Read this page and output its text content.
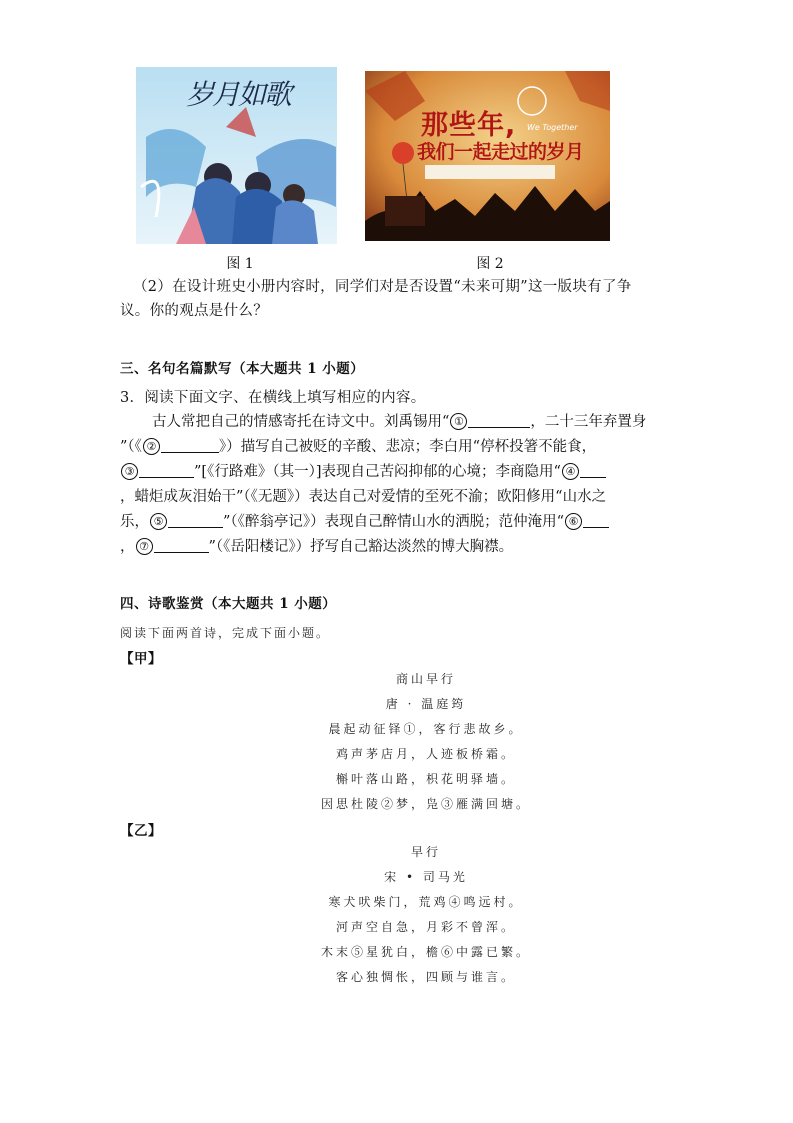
岁月如歌
那些年,
我们一起走过的岁月
We Together
图 1	图 2
（2）在设计班史小册内容时，同学们对是否设置“未来可期”这一版块有了争
议。你的观点是什么？
三、名句名篇默写（本大题共 1 小题）
3．阅读下面文字、在横线上填写相应的内容。
古人常把自己的情感寄托在诗文中。刘禹锡用“ ①	，二十三年弃置身
”（《 ②	》）描写自己被贬的辛酸、悲凉；李白用“停杯投箸不能食，
③	”[《行路难》（其一）]表现自己苦闷抑郁的心境；李商隐用“ ④
，蜡炬成灰泪始干”（《无题》）表达自己对爱情的至死不渝；欧阳修用“山水之
乐， ⑤	”（《醉翁亭记》）表现自己醉情山水的洒脱；范仲淹用“ ⑥
， ⑦	”（《岳阳楼记》）抒写自己豁达淡然的博大胸襟。
四、诗歌鉴赏（本大题共 1 小题）
阅读下面两首诗，完成下面小题。
【甲】
商山早行
唐 · 温庭筠
晨起动征铎①，客行悲故乡。
鸡声茅店月，人迹板桥霜。
槲叶落山路，枳花明驿墙。
因思杜陵②梦，凫③雁满回塘。
【乙】
早行
宋 • 司马光
寒犬吠柴门，荒鸡④鸣远村。
河声空自急，月彩不曾浑。
木末⑤星犹白，檐⑥中露已繁。
客心独惆怅，四顾与谁言。
